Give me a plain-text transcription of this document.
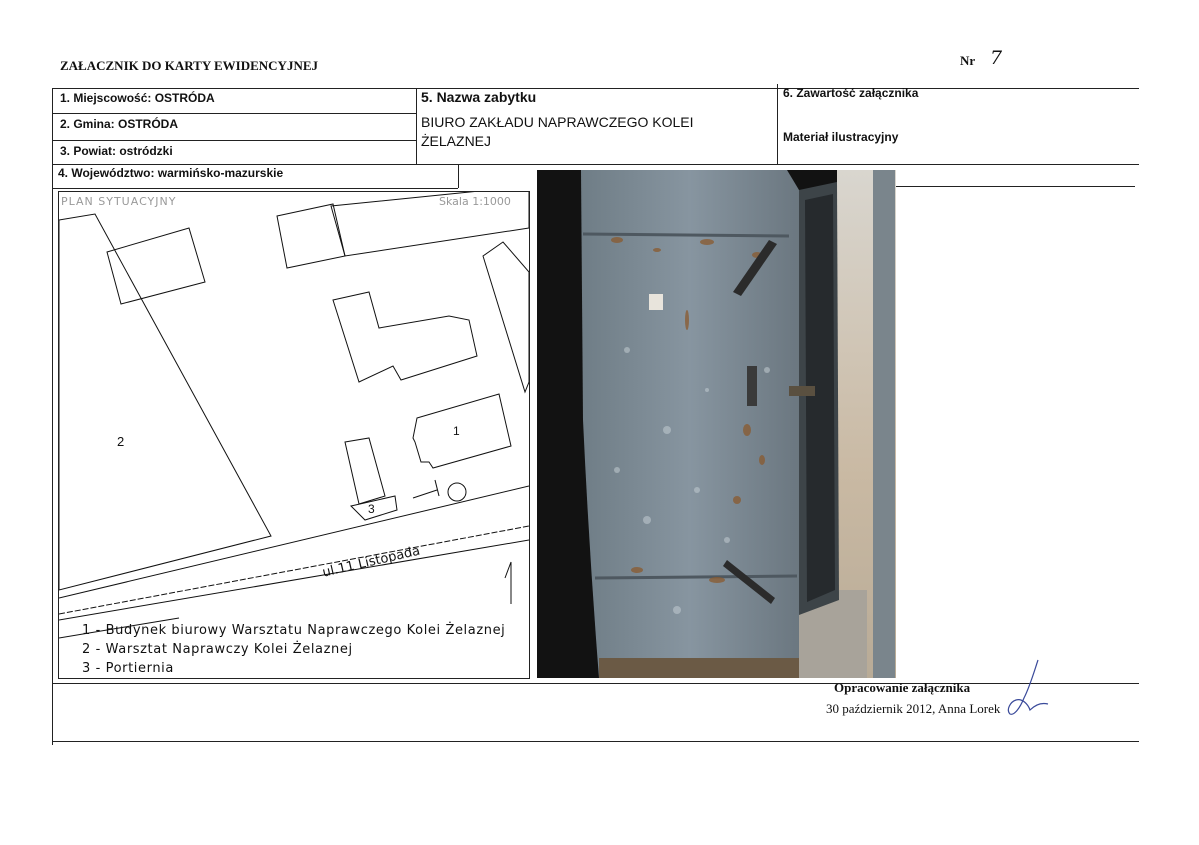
ZAŁACZNIK DO KARTY EWIDENCYJNEJ	Nr 7
1. Miejscowość: OSTRÓDA
2. Gmina: OSTRÓDA
3. Powiat: ostródzki
5. Nazwa zabytku
BIURO ZAKŁADU NAPRAWCZEGO KOLEI
ŻELAZNEJ
6. Zawartość załącznika
Materiał ilustracyjny
4. Województwo: warmińsko-mazurskie
PLAN SYTUACYJNY	Skala 1:1000
1
2
3
ul.11 Listopada
1 - Budynek biurowy Warsztatu Naprawczego Kolei Żelaznej
2 - Warsztat Naprawczy Kolei Żelaznej
3 - Portiernia
Opracowanie załącznika
30 październik 2012, Anna Lorek
